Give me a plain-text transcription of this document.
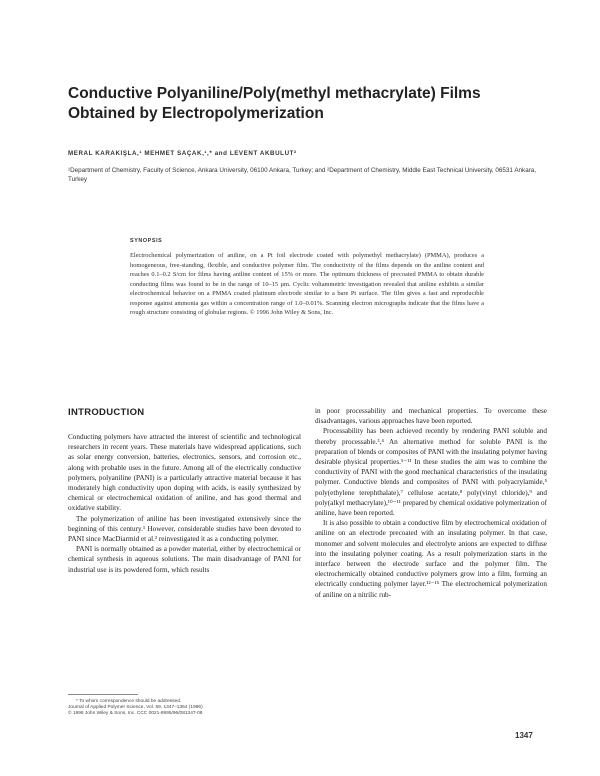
Conductive Polyaniline/Poly(methyl methacrylate) Films
Obtained by Electropolymerization
MERAL KARAKIŞLA,¹ MEHMET SAÇAK,¹,* and LEVENT AKBULUT²
¹Department of Chemistry, Faculty of Science, Ankara University, 06100 Ankara, Turkey; and ²Department of Chemistry, Middle East Technical University, 06531 Ankara, Turkey
SYNOPSIS
Electrochemical polymerization of aniline, on a Pt foil electrode coated with polymethyl methacrylate) (PMMA), produces a homogeneous, free-standing, flexible, and conductive polymer film. The conductivity of the films depends on the aniline content and reaches 0.1–0.2 S/cm for films having aniline content of 15% or more. The optimum thickness of precoated PMMA to obtain durable conducting films was found to be in the range of 10–15 µm. Cyclic voltammetric investigation revealed that aniline exhibits a similar electrochemical behavior on a PMMA coated platinum electrode similar to a bare Pt surface. The film gives a fast and reproducible response against ammonia gas within a concentration range of 1.0–0.01%. Scanning electron micrographs indicate that the films have a rough structure consisting of globular regions. © 1996 John Wiley & Sons, Inc.
INTRODUCTION

Conducting polymers have attracted the interest of scientific and technological researchers in recent years. These materials have widespread applications, such as solar energy conversion, batteries, electronics, sensors, and corrosion etc., along with probable uses in the future. Among all of the electrically conductive polymers, polyaniline (PANI) is a particularly attractive material because it has moderately high conductivity upon doping with acids, is easily synthesized by chemical or electrochemical oxidation of aniline, and has good thermal and oxidative stability.

The polymerization of aniline has been investigated extensively since the beginning of this century.¹ However, considerable studies have been devoted to PANI since MacDiarmid et al.² reinvestigated it as a conducting polymer.

PANI is normally obtained as a powder material, either by electrochemical or chemical synthesis in aqueous solutions. The main disadvantage of PANI for industrial use is its powdered form, which results

in poor processability and mechanical properties. To overcome these disadvantages, various approaches have been reported.

Processability has been achieved recently by rendering PANI soluble and thereby processable.³,⁴ An alternative method for soluble PANI is the preparation of blends or composites of PANI with the insulating polymer having desirable physical properties.⁵⁻¹¹ In these studies the aim was to combine the conductivity of PANI with the good mechanical characteristics of the insulating polymer. Conductive blends and composites of PANI with polyacrylamide,⁵ poly(ethylene terephthalate),⁷ cellulose acetate,⁸ poly(vinyl chloride),⁹ and poly(alkyl methacrylate),¹⁰⁻¹¹ prepared by chemical oxidative polymerization of aniline, have been reported.

It is also possible to obtain a conductive film by electrochemical oxidation of aniline on an electrode precoated with an insulating polymer. In that case, monomer and solvent molecules and electrolyte anions are expected to diffuse into the insulating polymer coating. As a result polymerization starts in the interface between the electrode surface and the polymer film. The electrochemically obtained conductive polymers grow into a film, forming an electrically conducting polymer layer.¹²⁻¹⁵ The electrochemical polymerization of aniline on a nitrilic rub-

* To whom correspondence should be addressed.
Journal of Applied Polymer Science, Vol. 59, 1347–1354 (1996)
© 1996 John Wiley & Sons, Inc. CCC 0021-8995/96/081347-08
1347
